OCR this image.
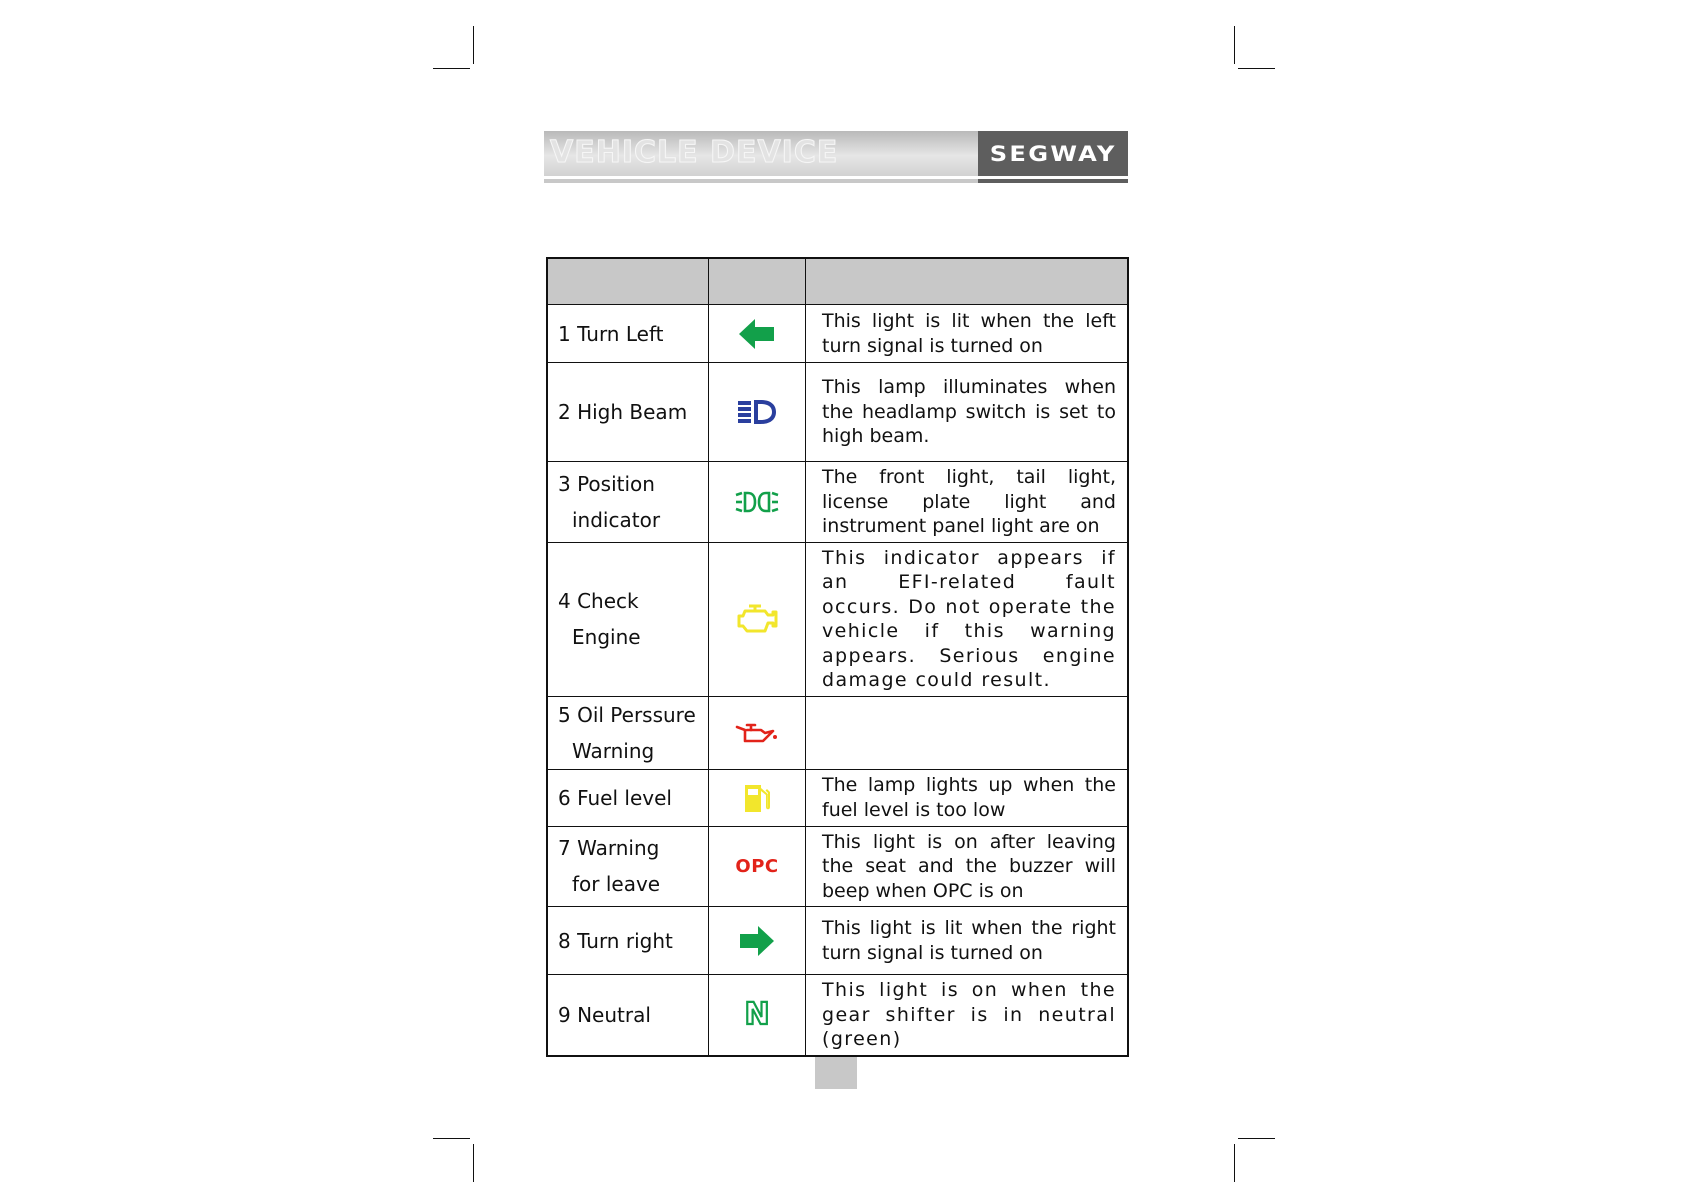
VEHICLE DEVICE	SEGWAY

1 Turn Left		This light is lit when the left turn signal is turned on
2 High Beam		This lamp illuminates when the headlamp switch is set to high beam.
3 Position
indicator		The front light, tail light, license plate light and instrument panel light are on
4 Check
Engine		This indicator appears if an EFI-related fault occurs. Do not operate the vehicle if this warning appears. Serious engine damage could result.
5 Oil Perssure
Warning

6 Fuel level		The lamp lights up when the fuel level is too low
7 Warning
for leave	OPC	This light is on after leaving the seat and the buzzer will beep when OPC is on
8 Turn right		This light is lit when the right turn signal is turned on
9 Neutral	N	This light is on when the gear shifter is in neutral (green)
